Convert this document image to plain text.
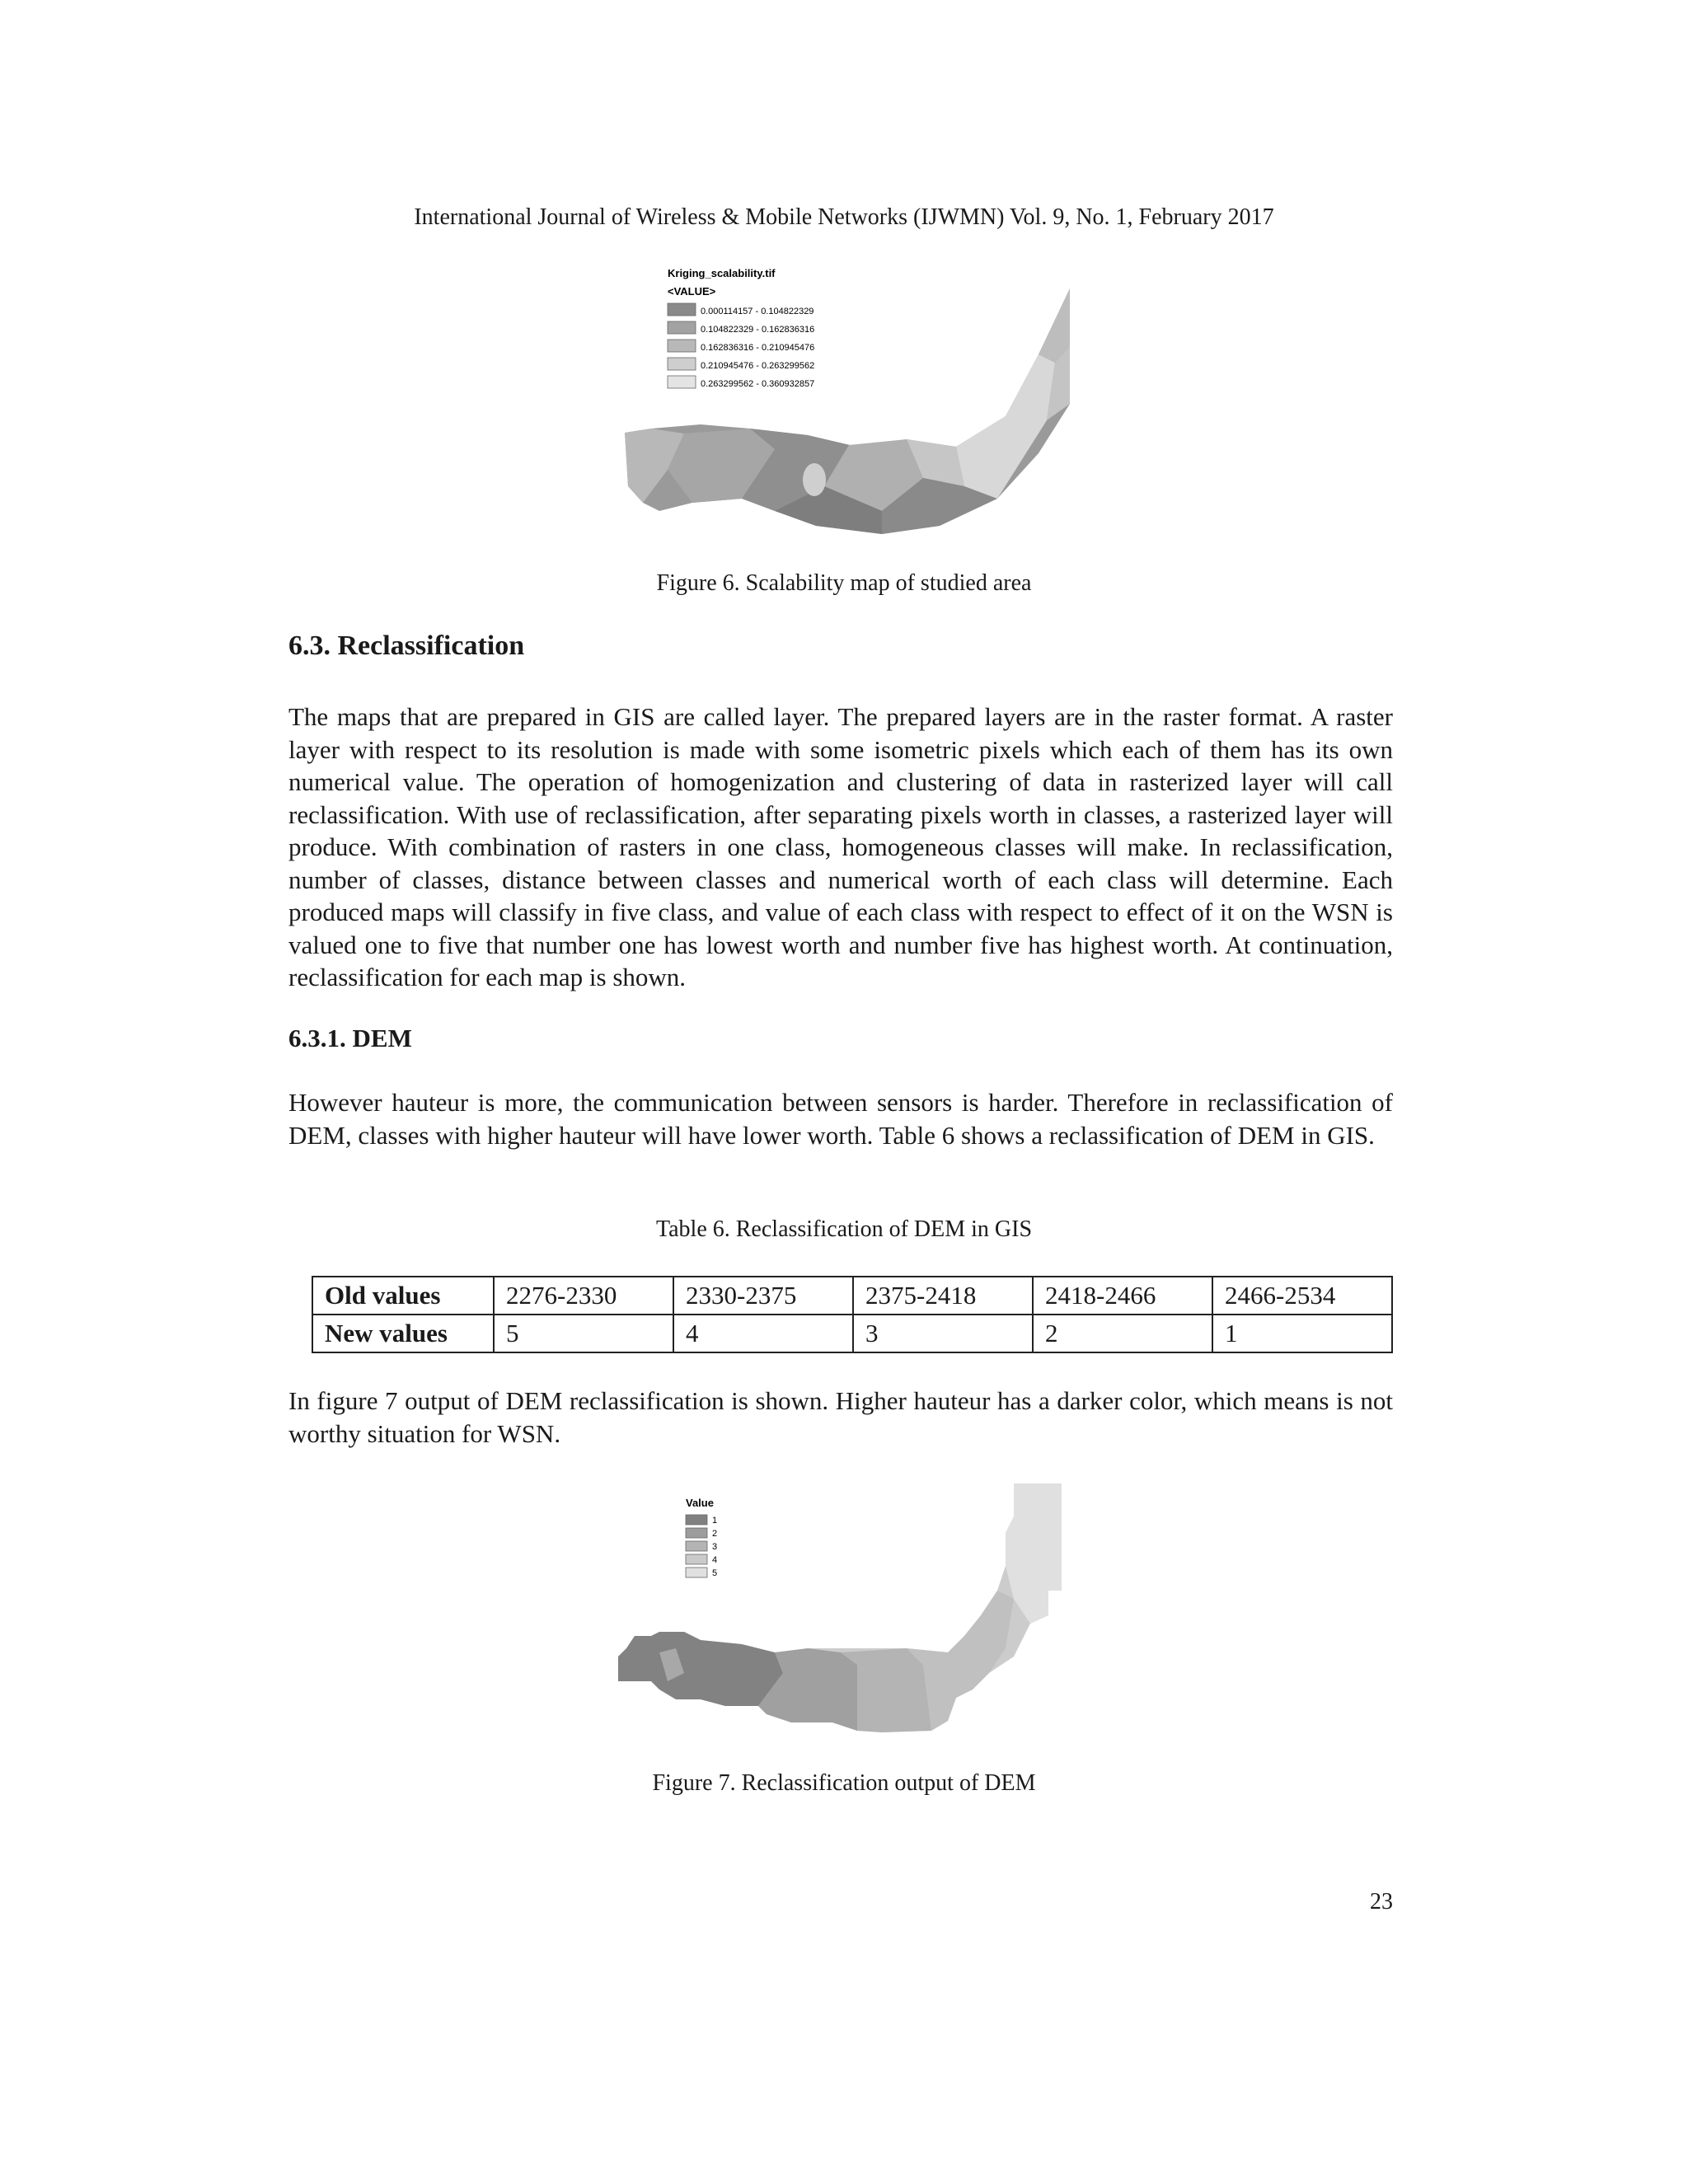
International Journal of Wireless & Mobile Networks (IJWMN) Vol. 9, No. 1, February 2017
Kriging_scalability.tif
<VALUE>
0.000114157 - 0.104822329
0.104822329 - 0.162836316
0.162836316 - 0.210945476
0.210945476 - 0.263299562
0.263299562 - 0.360932857
Figure 6. Scalability map of studied area
6.3. Reclassification
The maps that are prepared in GIS are called layer. The prepared layers are in the raster format. A raster layer with respect to its resolution is made with some isometric pixels which each of them has its own numerical value. The operation of homogenization and clustering of data in rasterized layer will call reclassification. With use of reclassification, after separating pixels worth in classes, a rasterized layer will produce. With combination of rasters in one class, homogeneous classes will make. In reclassification, number of classes, distance between classes and numerical worth of each class will determine. Each produced maps will classify in five class, and value of each class with respect to effect of it on the WSN is valued one to five that number one has lowest worth and number five has highest worth. At continuation, reclassification for each map is shown.
6.3.1. DEM
However hauteur is more, the communication between sensors is harder. Therefore in reclassification of DEM, classes with higher hauteur will have lower worth. Table 6 shows a reclassification of DEM in GIS.
Table 6. Reclassification of DEM in GIS
Old values	2276-2330	2330-2375	2375-2418	2418-2466	2466-2534
New values	5	4	3	2	1
In figure 7 output of DEM reclassification is shown. Higher hauteur has a darker color, which means is not worthy situation for WSN.
Value
1
2
3
4
5
Figure 7. Reclassification output of DEM
23
